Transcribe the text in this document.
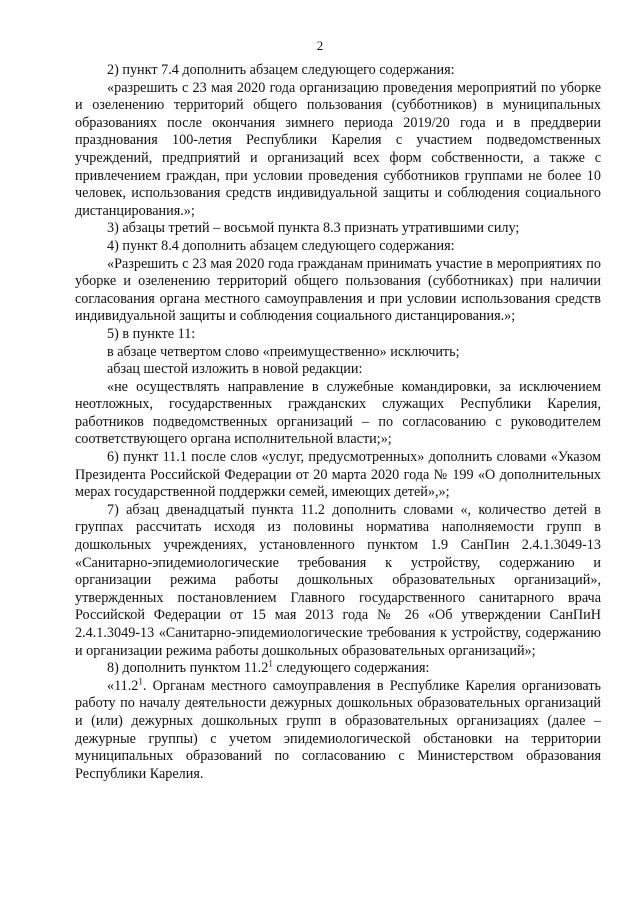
2

2) пункт 7.4 дополнить абзацем следующего содержания:

«разрешить с 23 мая 2020 года организацию проведения мероприятий по уборке и озеленению территорий общего пользования (субботников) в муниципальных образованиях после окончания зимнего периода 2019/20 года и в преддверии празднования 100-летия Республики Карелия с участием подведомственных учреждений, предприятий и организаций всех форм собственности, а также с привлечением граждан, при условии проведения субботников группами не более 10 человек, использования средств индивидуальной защиты и соблюдения социального дистанцирования.»;

3) абзацы третий – восьмой пункта 8.3 признать утратившими силу;

4) пункт 8.4 дополнить абзацем следующего содержания:

«Разрешить с 23 мая 2020 года гражданам принимать участие в мероприятиях по уборке и озеленению территорий общего пользования (субботниках) при наличии согласования органа местного самоуправления и при условии использования средств индивидуальной защиты и соблюдения социального дистанцирования.»;

5) в пункте 11:

в абзаце четвертом слово «преимущественно» исключить;

абзац шестой изложить в новой редакции:

«не осуществлять направление в служебные командировки, за исключением неотложных, государственных гражданских служащих Республики Карелия, работников подведомственных организаций – по согласованию с руководителем соответствующего органа исполнительной власти;»;

6) пункт 11.1 после слов «услуг, предусмотренных» дополнить словами «Указом Президента Российской Федерации от 20 марта 2020 года № 199 «О дополнительных мерах государственной поддержки семей, имеющих детей»,»;

7) абзац двенадцатый пункта 11.2 дополнить словами «, количество детей в группах рассчитать исходя из половины норматива наполняемости групп в дошкольных учреждениях, установленного пунктом 1.9 СанПин 2.4.1.3049-13 «Санитарно-эпидемиологические требования к устройству, содержанию и организации режима работы дошкольных образовательных организаций», утвержденных постановлением Главного государственного санитарного врача Российской Федерации от 15 мая 2013 года № 26 «Об утверждении СанПиН 2.4.1.3049-13 «Санитарно-эпидемиологические требования к устройству, содержанию и организации режима работы дошкольных образовательных организаций»;

8) дополнить пунктом 11.2$^1$ следующего содержания:

«11.2$^1$. Органам местного самоуправления в Республике Карелия организовать работу по началу деятельности дежурных дошкольных образовательных организаций и (или) дежурных дошкольных групп в образовательных организациях (далее – дежурные группы) с учетом эпидемиологической обстановки на территории муниципальных образований по согласованию с Министерством образования Республики Карелия.
